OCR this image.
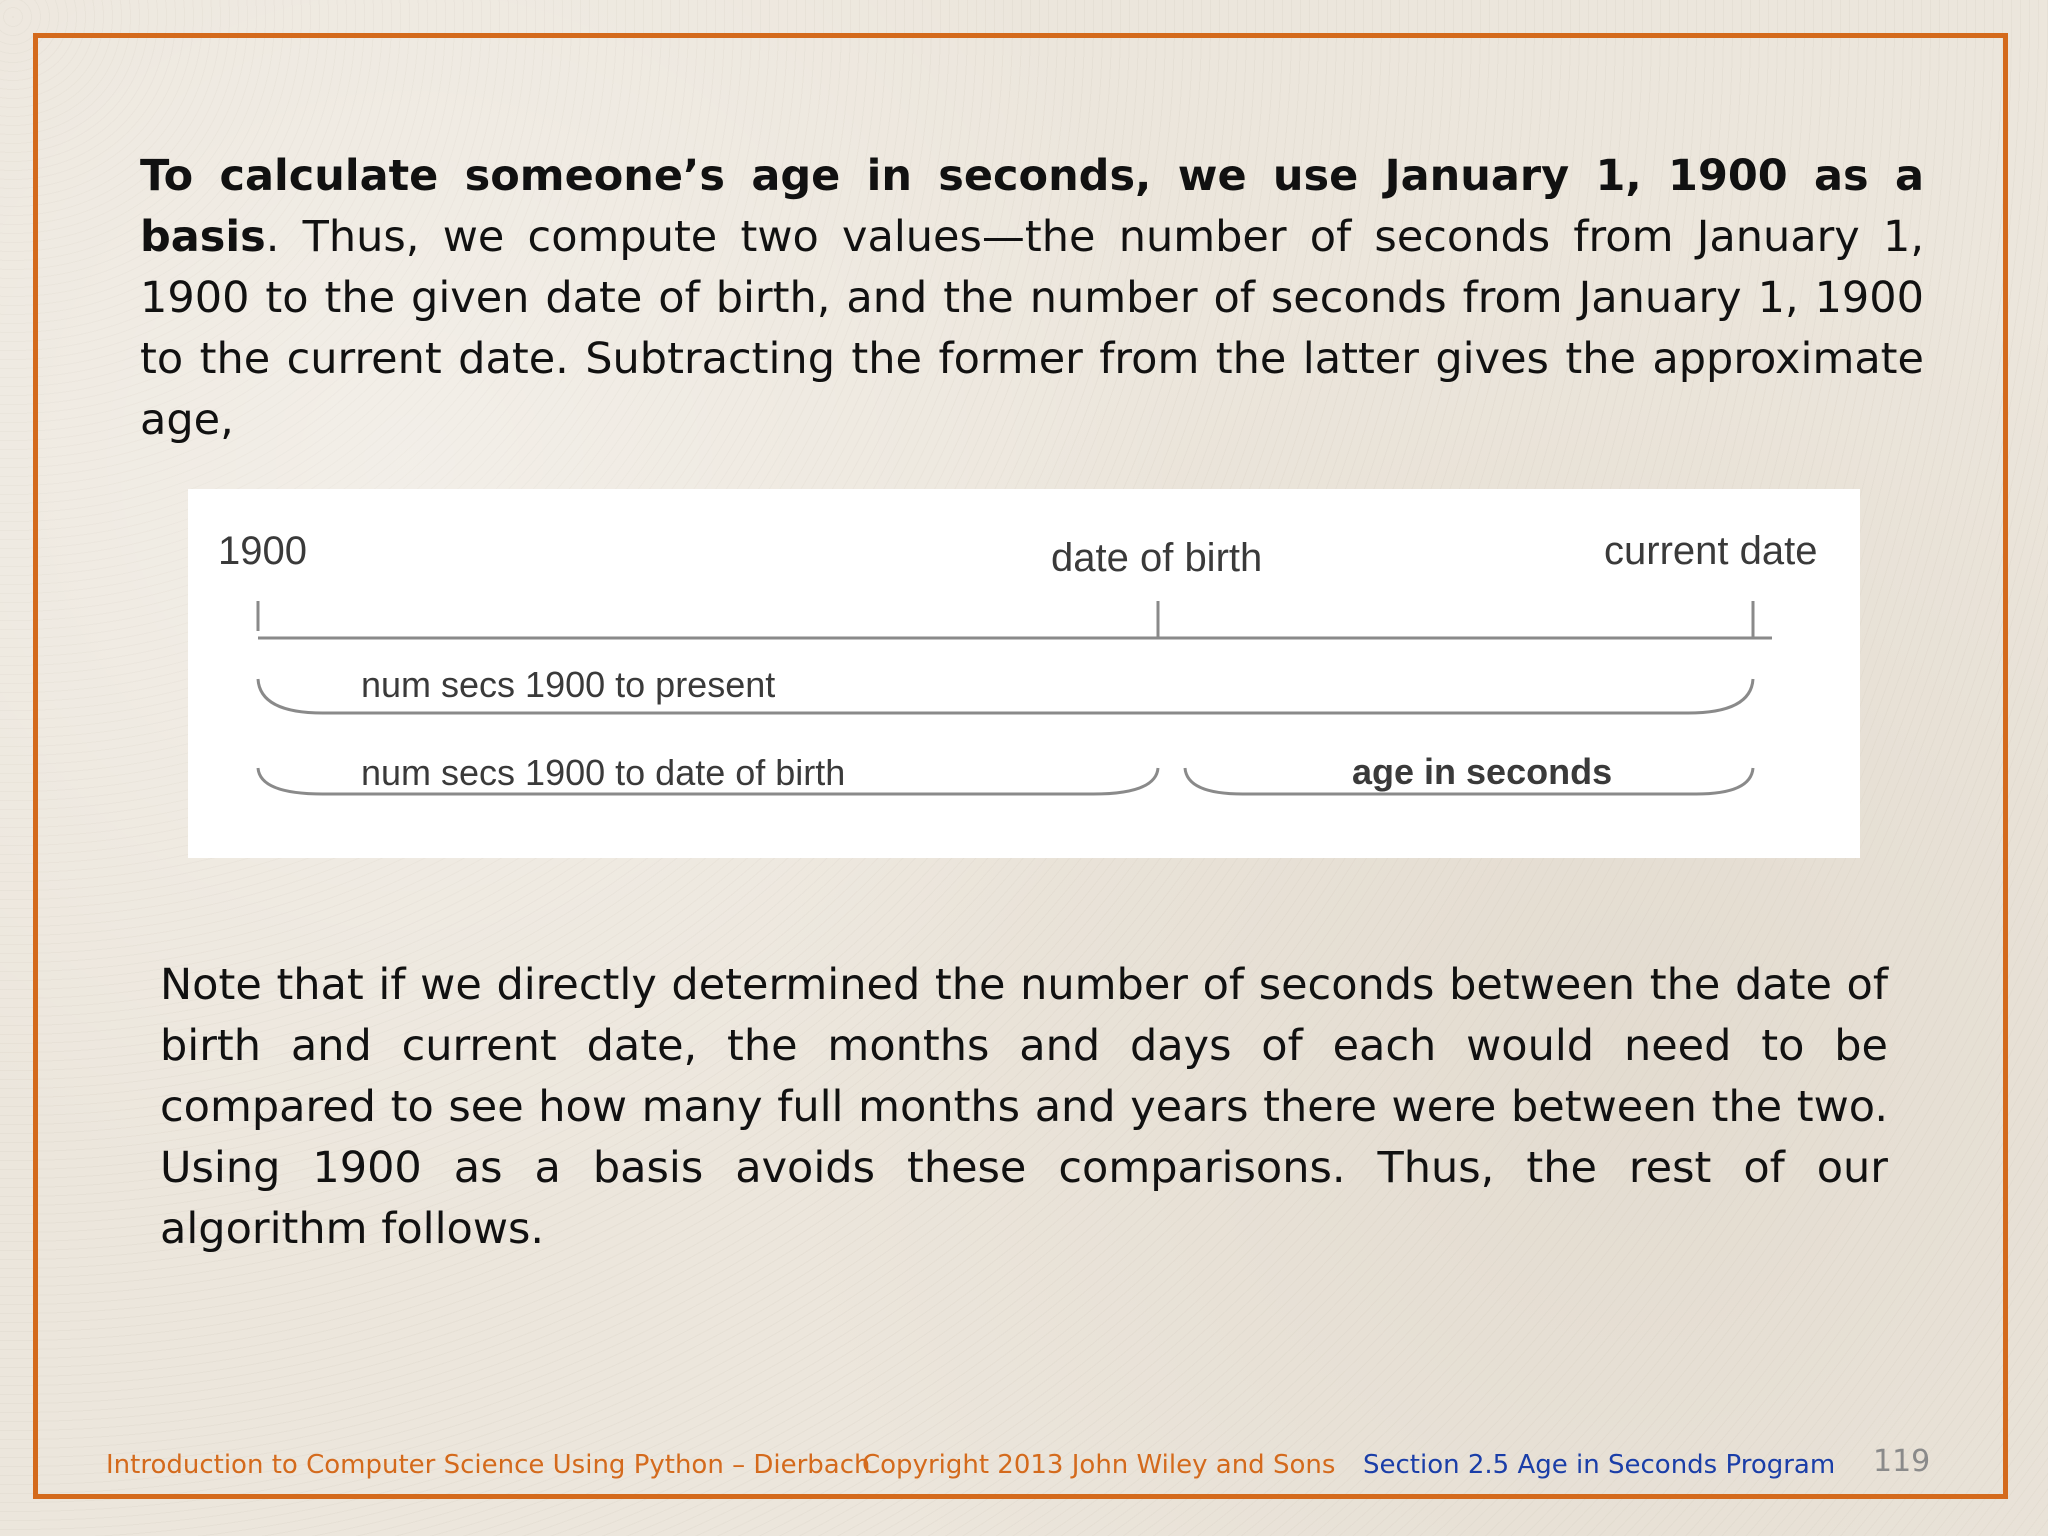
To calculate someone’s age in seconds, we use January 1, 1900 as a basis. Thus, we compute two values—the number of seconds from January 1, 1900 to the given date of birth, and the number of seconds from January 1, 1900 to the current date. Subtracting the former from the latter gives the approximate age,

1900	date of birth	current date
num secs 1900 to present
num secs 1900 to date of birth	age in seconds

Note that if we directly determined the number of seconds between the date of birth and current date, the months and days of each would need to be compared to see how many full months and years there were between the two. Using 1900 as a basis avoids these comparisons. Thus, the rest of our algorithm follows.

Introduction to Computer Science Using Python – Dierbach
Copyright 2013 John Wiley and Sons Section 2.5 Age in Seconds Program 119
